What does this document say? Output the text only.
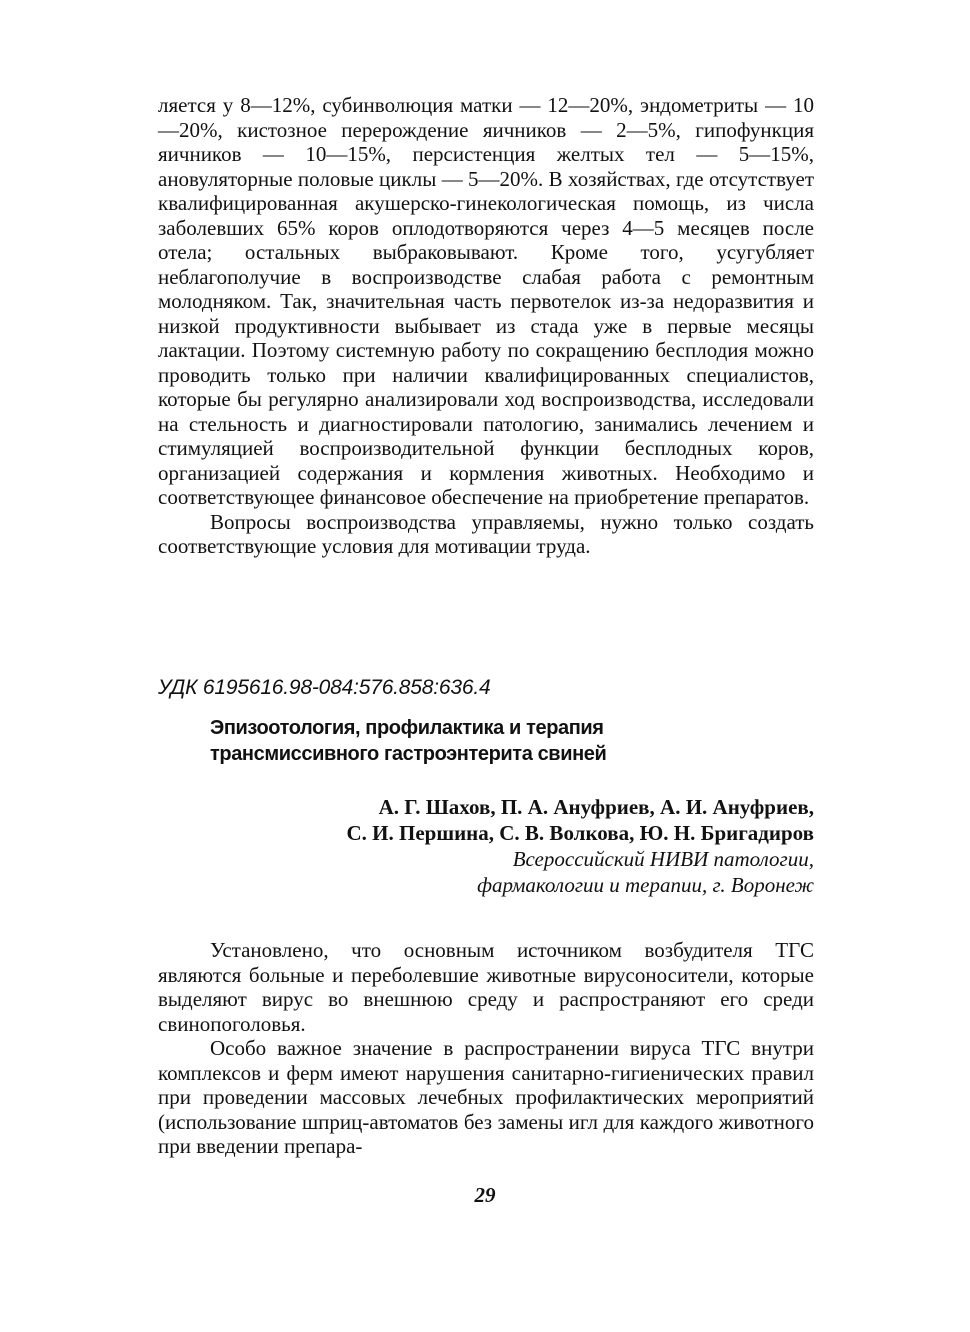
ляется у 8—12%, субинволюция матки — 12—20%, эндометриты — 10—20%, кистозное перерождение яичников — 2—5%, гипофункция яичников — 10—15%, персистенция желтых тел — 5—15%, ановуляторные половые циклы — 5—20%. В хозяйствах, где отсутствует квалифицированная акушерско-гинекологическая помощь, из числа заболевших 65% коров оплодотворяются через 4—5 месяцев после отела; остальных выбраковывают. Кроме того, усугубляет неблагополучие в воспроизводстве слабая работа с ремонтным молодняком. Так, значительная часть первотелок из-за недоразвития и низкой продуктивности выбывает из стада уже в первые месяцы лактации. Поэтому системную работу по сокращению бесплодия можно проводить только при наличии квалифицированных специалистов, которые бы регулярно анализировали ход воспроизводства, исследовали на стельность и диагностировали патологию, занимались лечением и стимуляцией воспроизводительной функции бесплодных коров, организацией содержания и кормления животных. Необходимо и соответствующее финансовое обеспечение на приобретение препаратов.

Вопросы воспроизводства управляемы, нужно только создать соответствующие условия для мотивации труда.

УДК 6195616.98-084:576.858:636.4
Эпизоотология, профилактика и терапия
трансмиссивного гастроэнтерита свиней
А. Г. Шахов, П. А. Ануфриев, А. И. Ануфриев,
С. И. Першина, С. В. Волкова, Ю. Н. Бригадиров
Всероссийский НИВИ патологии,
фармакологии и терапии, г. Воронеж

Установлено, что основным источником возбудителя ТГС являются больные и переболевшие животные вирусоносители, которые выделяют вирус во внешнюю среду и распространяют его среди свинопоголовья.

Особо важное значение в распространении вируса ТГС внутри комплексов и ферм имеют нарушения санитарно-гигиенических правил при проведении массовых лечебных профилактических мероприятий (использование шприц-автоматов без замены игл для каждого животного при введении препара-

29
